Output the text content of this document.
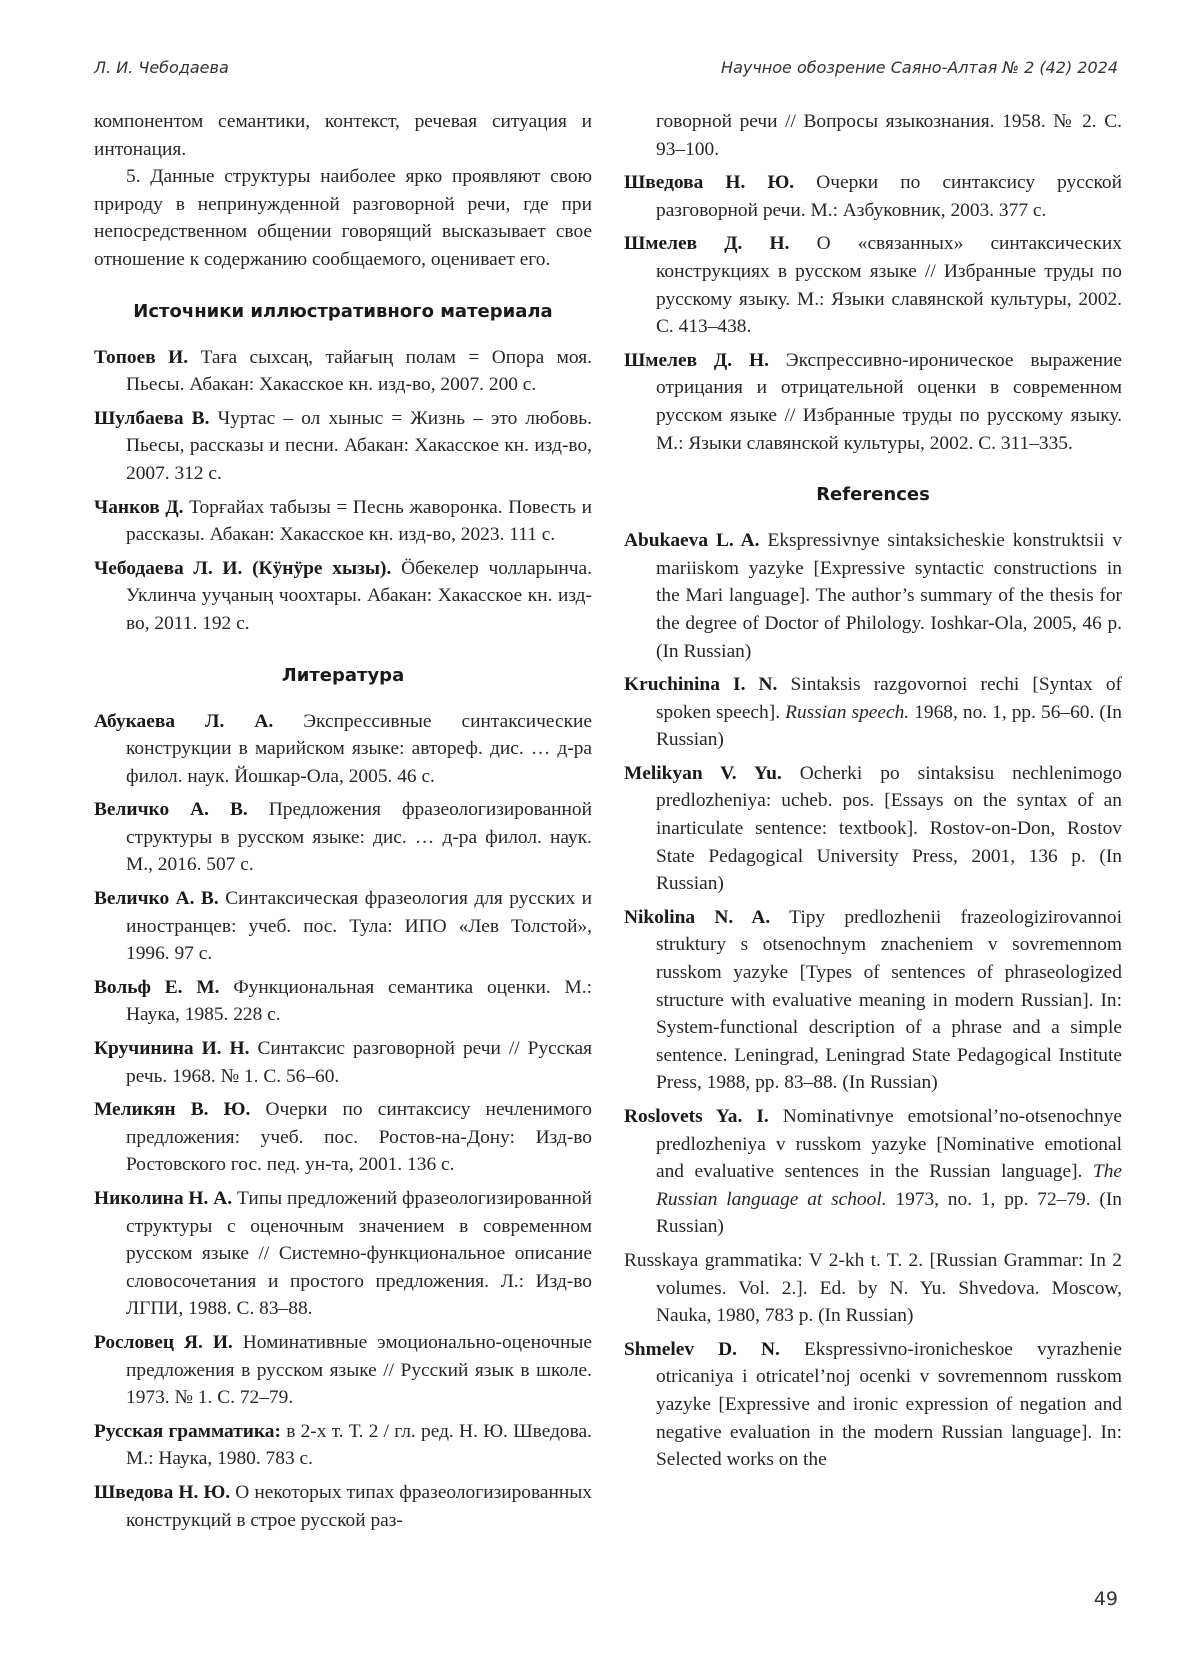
Л. И. Чебодаева	Научное обозрение Саяно-Алтая № 2 (42) 2024

компонентом семантики, контекст, речевая ситуация и интонация.

5. Данные структуры наиболее ярко проявляют свою природу в непринужденной разговорной речи, где при непосредственном общении говорящий высказывает свое отношение к содержанию сообщаемого, оценивает его.

Источники иллюстративного материала

Топоев И. Таға сыхсаң, тайағың полам = Опора моя. Пьесы. Абакан: Хакасское кн. изд-во, 2007. 200 с.

Шулбаева В. Чуртас – ол хыныс = Жизнь – это любовь. Пьесы, рассказы и песни. Абакан: Хакасское кн. изд-во, 2007. 312 с.

Чанков Д. Торғайах табызы = Песнь жаворонка. Повесть и рассказы. Абакан: Хакасское кн. изд-во, 2023. 111 с.

Чебодаева Л. И. (Кӱнӱре хызы). Ӧбекелер чолларынча. Уклинча ууҷаның чоохтары. Абакан: Хакасское кн. изд-во, 2011. 192 с.

Литература

Абукаева Л. А. Экспрессивные синтаксические конструкции в марийском языке: автореф. дис. … д-ра филол. наук. Йошкар-Ола, 2005. 46 с.

Величко А. В. Предложения фразеологизированной структуры в русском языке: дис. … д-ра филол. наук. М., 2016. 507 с.

Величко А. В. Синтаксическая фразеология для русских и иностранцев: учеб. пос. Тула: ИПО «Лев Толстой», 1996. 97 с.

Вольф Е. М. Функциональная семантика оценки. М.: Наука, 1985. 228 с.

Кручинина И. Н. Синтаксис разговорной речи // Русская речь. 1968. № 1. С. 56–60.

Меликян В. Ю. Очерки по синтаксису нечленимого предложения: учеб. пос. Ростов-на-Дону: Изд-во Ростовского гос. пед. ун-та, 2001. 136 с.

Николина Н. А. Типы предложений фразеологизированной структуры с оценочным значением в современном русском языке // Системно-функциональное описание словосочетания и простого предложения. Л.: Изд-во ЛГПИ, 1988. С. 83–88.

Рословец Я. И. Номинативные эмоционально-оценочные предложения в русском языке // Русский язык в школе. 1973. № 1. С. 72–79.

Русская грамматика: в 2-х т. Т. 2 / гл. ред. Н. Ю. Шведова. М.: Наука, 1980. 783 с.

Шведова Н. Ю. О некоторых типах фразеологизированных конструкций в строе русской раз-

говорной речи // Вопросы языкознания. 1958. № 2. С. 93–100.

Шведова Н. Ю. Очерки по синтаксису русской разговорной речи. М.: Азбуковник, 2003. 377 с.

Шмелев Д. Н. О «связанных» синтаксических конструкциях в русском языке // Избранные труды по русскому языку. М.: Языки славянской культуры, 2002. С. 413–438.

Шмелев Д. Н. Экспрессивно-ироническое выражение отрицания и отрицательной оценки в современном русском языке // Избранные труды по русскому языку. М.: Языки славянской культуры, 2002. С. 311–335.

References

Abukaeva L. A. Ekspressivnye sintaksicheskie konstruktsii v mariiskom yazyke [Expressive syntactic constructions in the Mari language]. The author’s summary of the thesis for the degree of Doctor of Philology. Ioshkar-Ola, 2005, 46 p. (In Russian)

Kruchinina I. N. Sintaksis razgovornoi rechi [Syntax of spoken speech]. Russian speech. 1968, no. 1, pp. 56–60. (In Russian)

Melikyan V. Yu. Ocherki po sintaksisu nechlenimogo predlozheniya: ucheb. pos. [Essays on the syntax of an inarticulate sentence: textbook]. Rostov-on-Don, Rostov State Pedagogical University Press, 2001, 136 p. (In Russian)

Nikolina N. A. Tipy predlozhenii frazeologizirovannoi struktury s otsenochnym znacheniem v sovremennom russkom yazyke [Types of sentences of phraseologized structure with evaluative meaning in modern Russian]. In: System-functional description of a phrase and a simple sentence. Leningrad, Leningrad State Pedagogical Institute Press, 1988, pp. 83–88. (In Russian)

Roslovets Ya. I. Nominativnye emotsional’no-otsenochnye predlozheniya v russkom yazyke [Nominative emotional and evaluative sentences in the Russian language]. The Russian language at school. 1973, no. 1, pp. 72–79. (In Russian)

Russkaya grammatika: V 2-kh t. T. 2. [Russian Grammar: In 2 volumes. Vol. 2.]. Ed. by N. Yu. Shvedova. Moscow, Nauka, 1980, 783 p. (In Russian)

Shmelev D. N. Ekspressivno-ironicheskoe vyrazhenie otricaniya i otricatel’noj ocenki v sovremennom russkom yazyke [Expressive and ironic expression of negation and negative evaluation in the modern Russian language]. In: Selected works on the

49
